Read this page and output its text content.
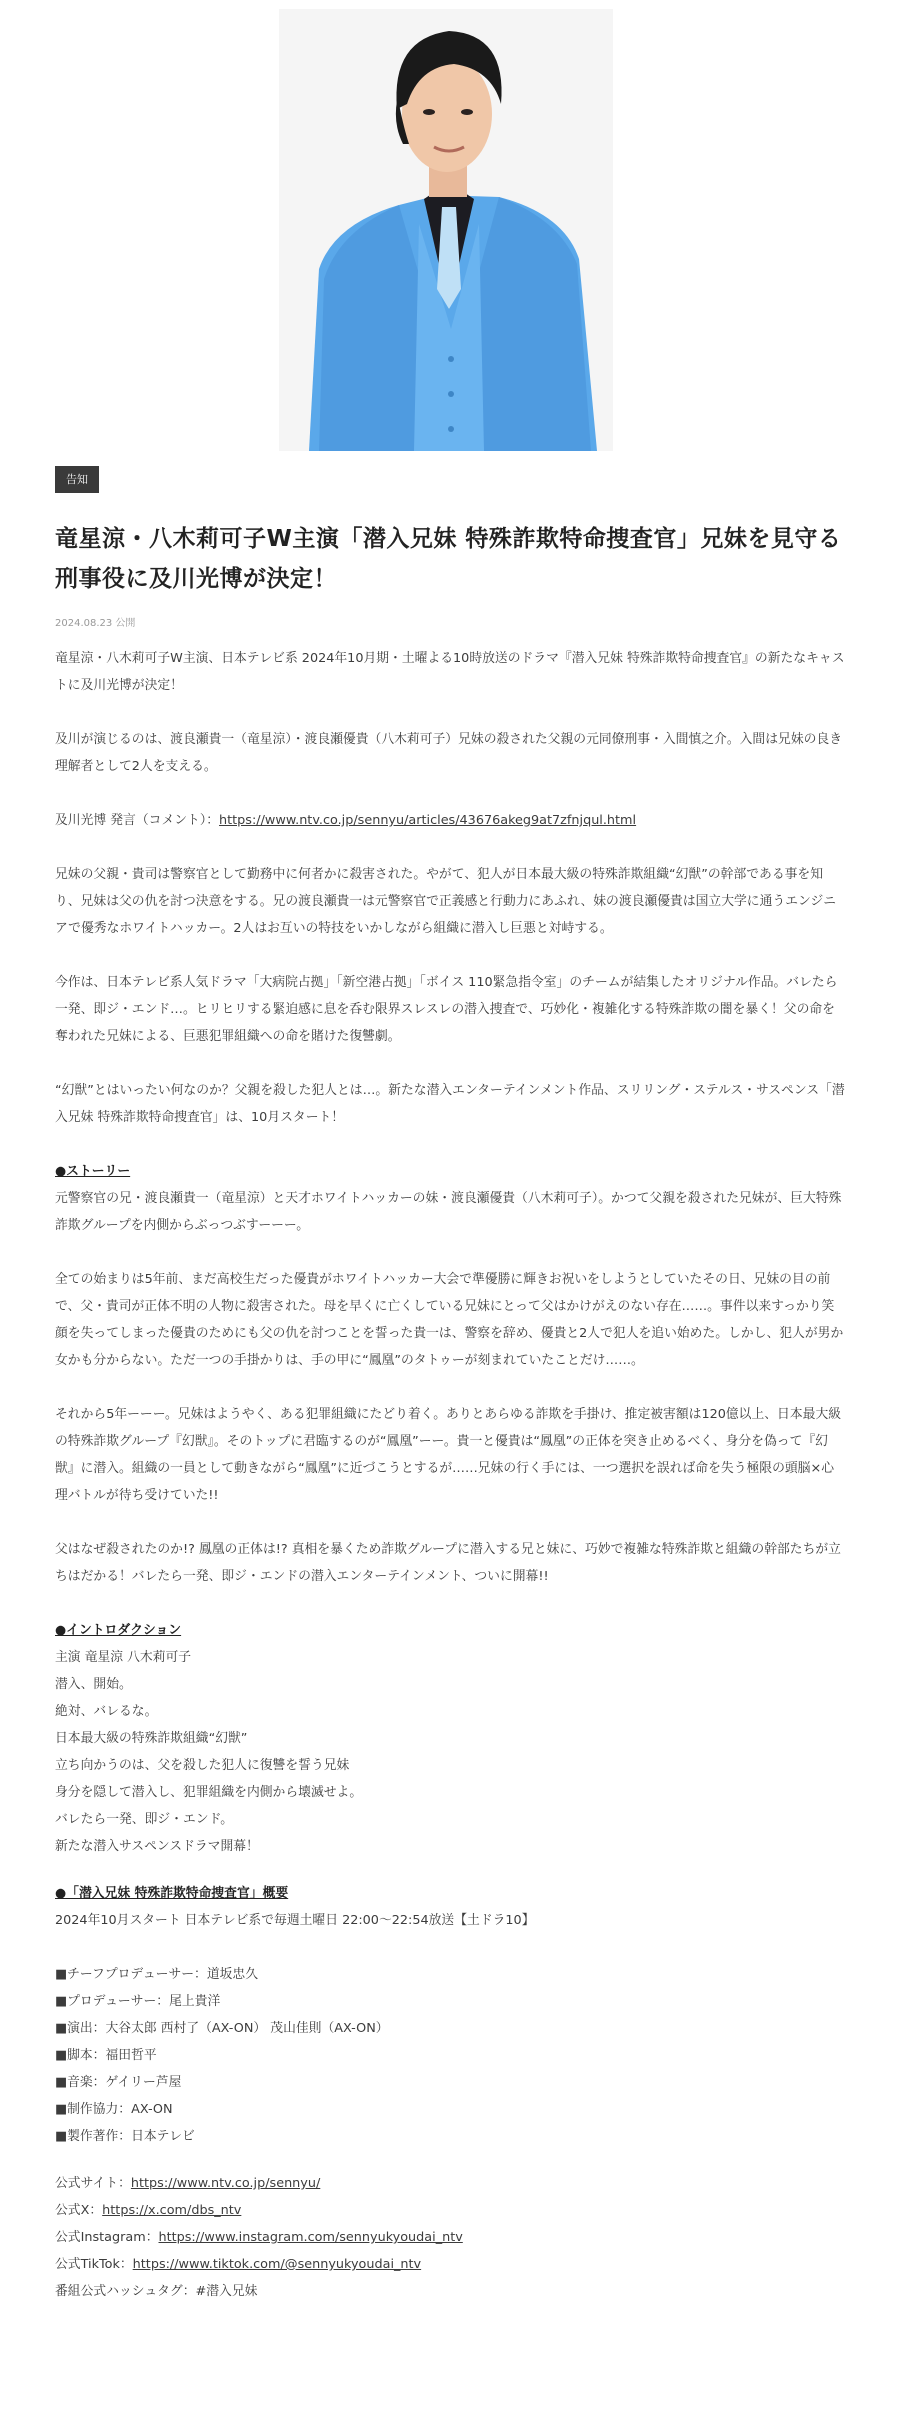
告知
竜星涼・八木莉可子W主演「潜入兄妹 特殊詐欺特命捜査官」兄妹を見守る刑事役に及川光博が決定！
2024.08.23 公開

竜星涼・八木莉可子W主演、日本テレビ系 2024年10月期・土曜よる10時放送のドラマ『潜入兄妹 特殊詐欺特命捜査官』の新たなキャストに及川光博が決定！

及川が演じるのは、渡良瀬貴一（竜星涼）・渡良瀬優貴（八木莉可子）兄妹の殺された父親の元同僚刑事・入間慎之介。入間は兄妹の良き理解者として2人を支える。

及川光博 発言（コメント）：https://www.ntv.co.jp/sennyu/articles/43676akeg9at7zfnjqul.html

兄妹の父親・貴司は警察官として勤務中に何者かに殺害された。やがて、犯人が日本最大級の特殊詐欺組織“幻獣”の幹部である事を知り、兄妹は父の仇を討つ決意をする。兄の渡良瀬貴一は元警察官で正義感と行動力にあふれ、妹の渡良瀬優貴は国立大学に通うエンジニアで優秀なホワイトハッカー。2人はお互いの特技をいかしながら組織に潜入し巨悪と対峙する。

今作は、日本テレビ系人気ドラマ「大病院占拠」「新空港占拠」「ボイス 110緊急指令室」のチームが結集したオリジナル作品。バレたら一発、即ジ・エンド…。ヒリヒリする緊迫感に息を呑む限界スレスレの潜入捜査で、巧妙化・複雑化する特殊詐欺の闇を暴く！父の命を奪われた兄妹による、巨悪犯罪組織への命を賭けた復讐劇。

“幻獣”とはいったい何なのか？父親を殺した犯人とは…。新たな潜入エンターテインメント作品、スリリング・ステルス・サスペンス「潜入兄妹 特殊詐欺特命捜査官」は、10月スタート！

●ストーリー

元警察官の兄・渡良瀬貴一（竜星涼）と天才ホワイトハッカーの妹・渡良瀬優貴（八木莉可子）。かつて父親を殺された兄妹が、巨大特殊詐欺グループを内側からぶっつぶすーーー。

全ての始まりは5年前、まだ高校生だった優貴がホワイトハッカー大会で準優勝に輝きお祝いをしようとしていたその日、兄妹の目の前で、父・貴司が正体不明の人物に殺害された。母を早くに亡くしている兄妹にとって父はかけがえのない存在……。事件以来すっかり笑顔を失ってしまった優貴のためにも父の仇を討つことを誓った貴一は、警察を辞め、優貴と2人で犯人を追い始めた。しかし、犯人が男か女かも分からない。ただ一つの手掛かりは、手の甲に“鳳凰”のタトゥーが刻まれていたことだけ……。

それから5年ーーー。兄妹はようやく、ある犯罪組織にたどり着く。ありとあらゆる詐欺を手掛け、推定被害額は120億以上、日本最大級の特殊詐欺グループ『幻獣』。そのトップに君臨するのが“鳳凰”ーー。貴一と優貴は“鳳凰”の正体を突き止めるべく、身分を偽って『幻獣』に潜入。組織の一員として動きながら“鳳凰”に近づこうとするが……兄妹の行く手には、一つ選択を誤れば命を失う極限の頭脳×心理バトルが待ち受けていた!!

父はなぜ殺されたのか!? 鳳凰の正体は!? 真相を暴くため詐欺グループに潜入する兄と妹に、巧妙で複雑な特殊詐欺と組織の幹部たちが立ちはだかる！バレたら一発、即ジ・エンドの潜入エンターテインメント、ついに開幕!!

●イントロダクション

主演 竜星涼 八木莉可子
潜入、開始。
絶対、バレるな。
日本最大級の特殊詐欺組織“幻獣”
立ち向かうのは、父を殺した犯人に復讐を誓う兄妹
身分を隠して潜入し、犯罪組織を内側から壊滅せよ。
バレたら一発、即ジ・エンド。
新たな潜入サスペンスドラマ開幕！

●「潜入兄妹 特殊詐欺特命捜査官」概要

2024年10月スタート 日本テレビ系で毎週土曜日 22:00～22:54放送【土ドラ10】

■チーフプロデューサー：道坂忠久
■プロデューサー：尾上貴洋
■演出：大谷太郎 西村了（AX-ON） 茂山佳則（AX-ON）
■脚本：福田哲平
■音楽：ゲイリー芦屋
■制作協力：AX-ON
■製作著作：日本テレビ
公式サイト：https://www.ntv.co.jp/sennyu/
公式X：https://x.com/dbs_ntv
公式Instagram：https://www.instagram.com/sennyukyoudai_ntv
公式TikTok：https://www.tiktok.com/@sennyukyoudai_ntv
番組公式ハッシュタグ：#潜入兄妹
